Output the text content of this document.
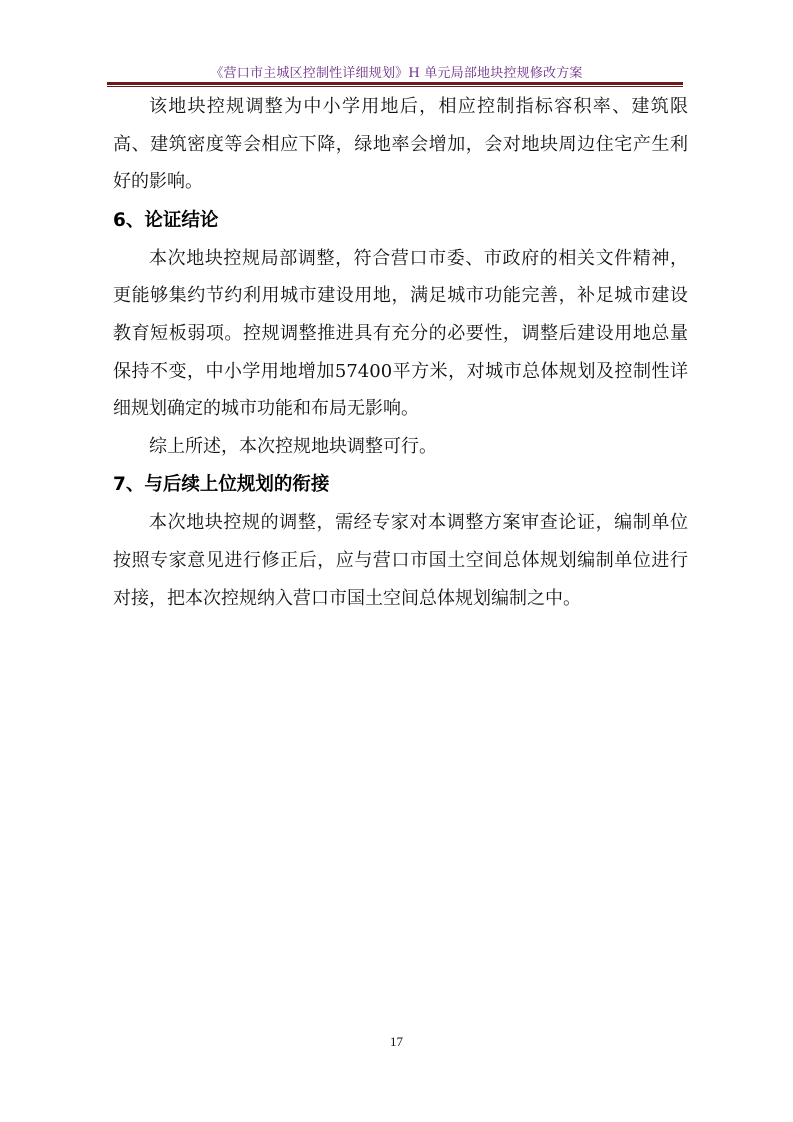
《营口市主城区控制性详细规划》H 单元局部地块控规修改方案

该地块控规调整为中小学用地后，相应控制指标容积率、建筑限高、建筑密度等会相应下降，绿地率会增加，会对地块周边住宅产生利好的影响。

6、论证结论

本次地块控规局部调整，符合营口市委、市政府的相关文件精神，更能够集约节约利用城市建设用地，满足城市功能完善，补足城市建设教育短板弱项。控规调整推进具有充分的必要性，调整后建设用地总量保持不变，中小学用地增加57400平方米，对城市总体规划及控制性详细规划确定的城市功能和布局无影响。

综上所述，本次控规地块调整可行。

7、与后续上位规划的衔接

本次地块控规的调整，需经专家对本调整方案审查论证，编制单位按照专家意见进行修正后，应与营口市国土空间总体规划编制单位进行对接，把本次控规纳入营口市国土空间总体规划编制之中。

17
